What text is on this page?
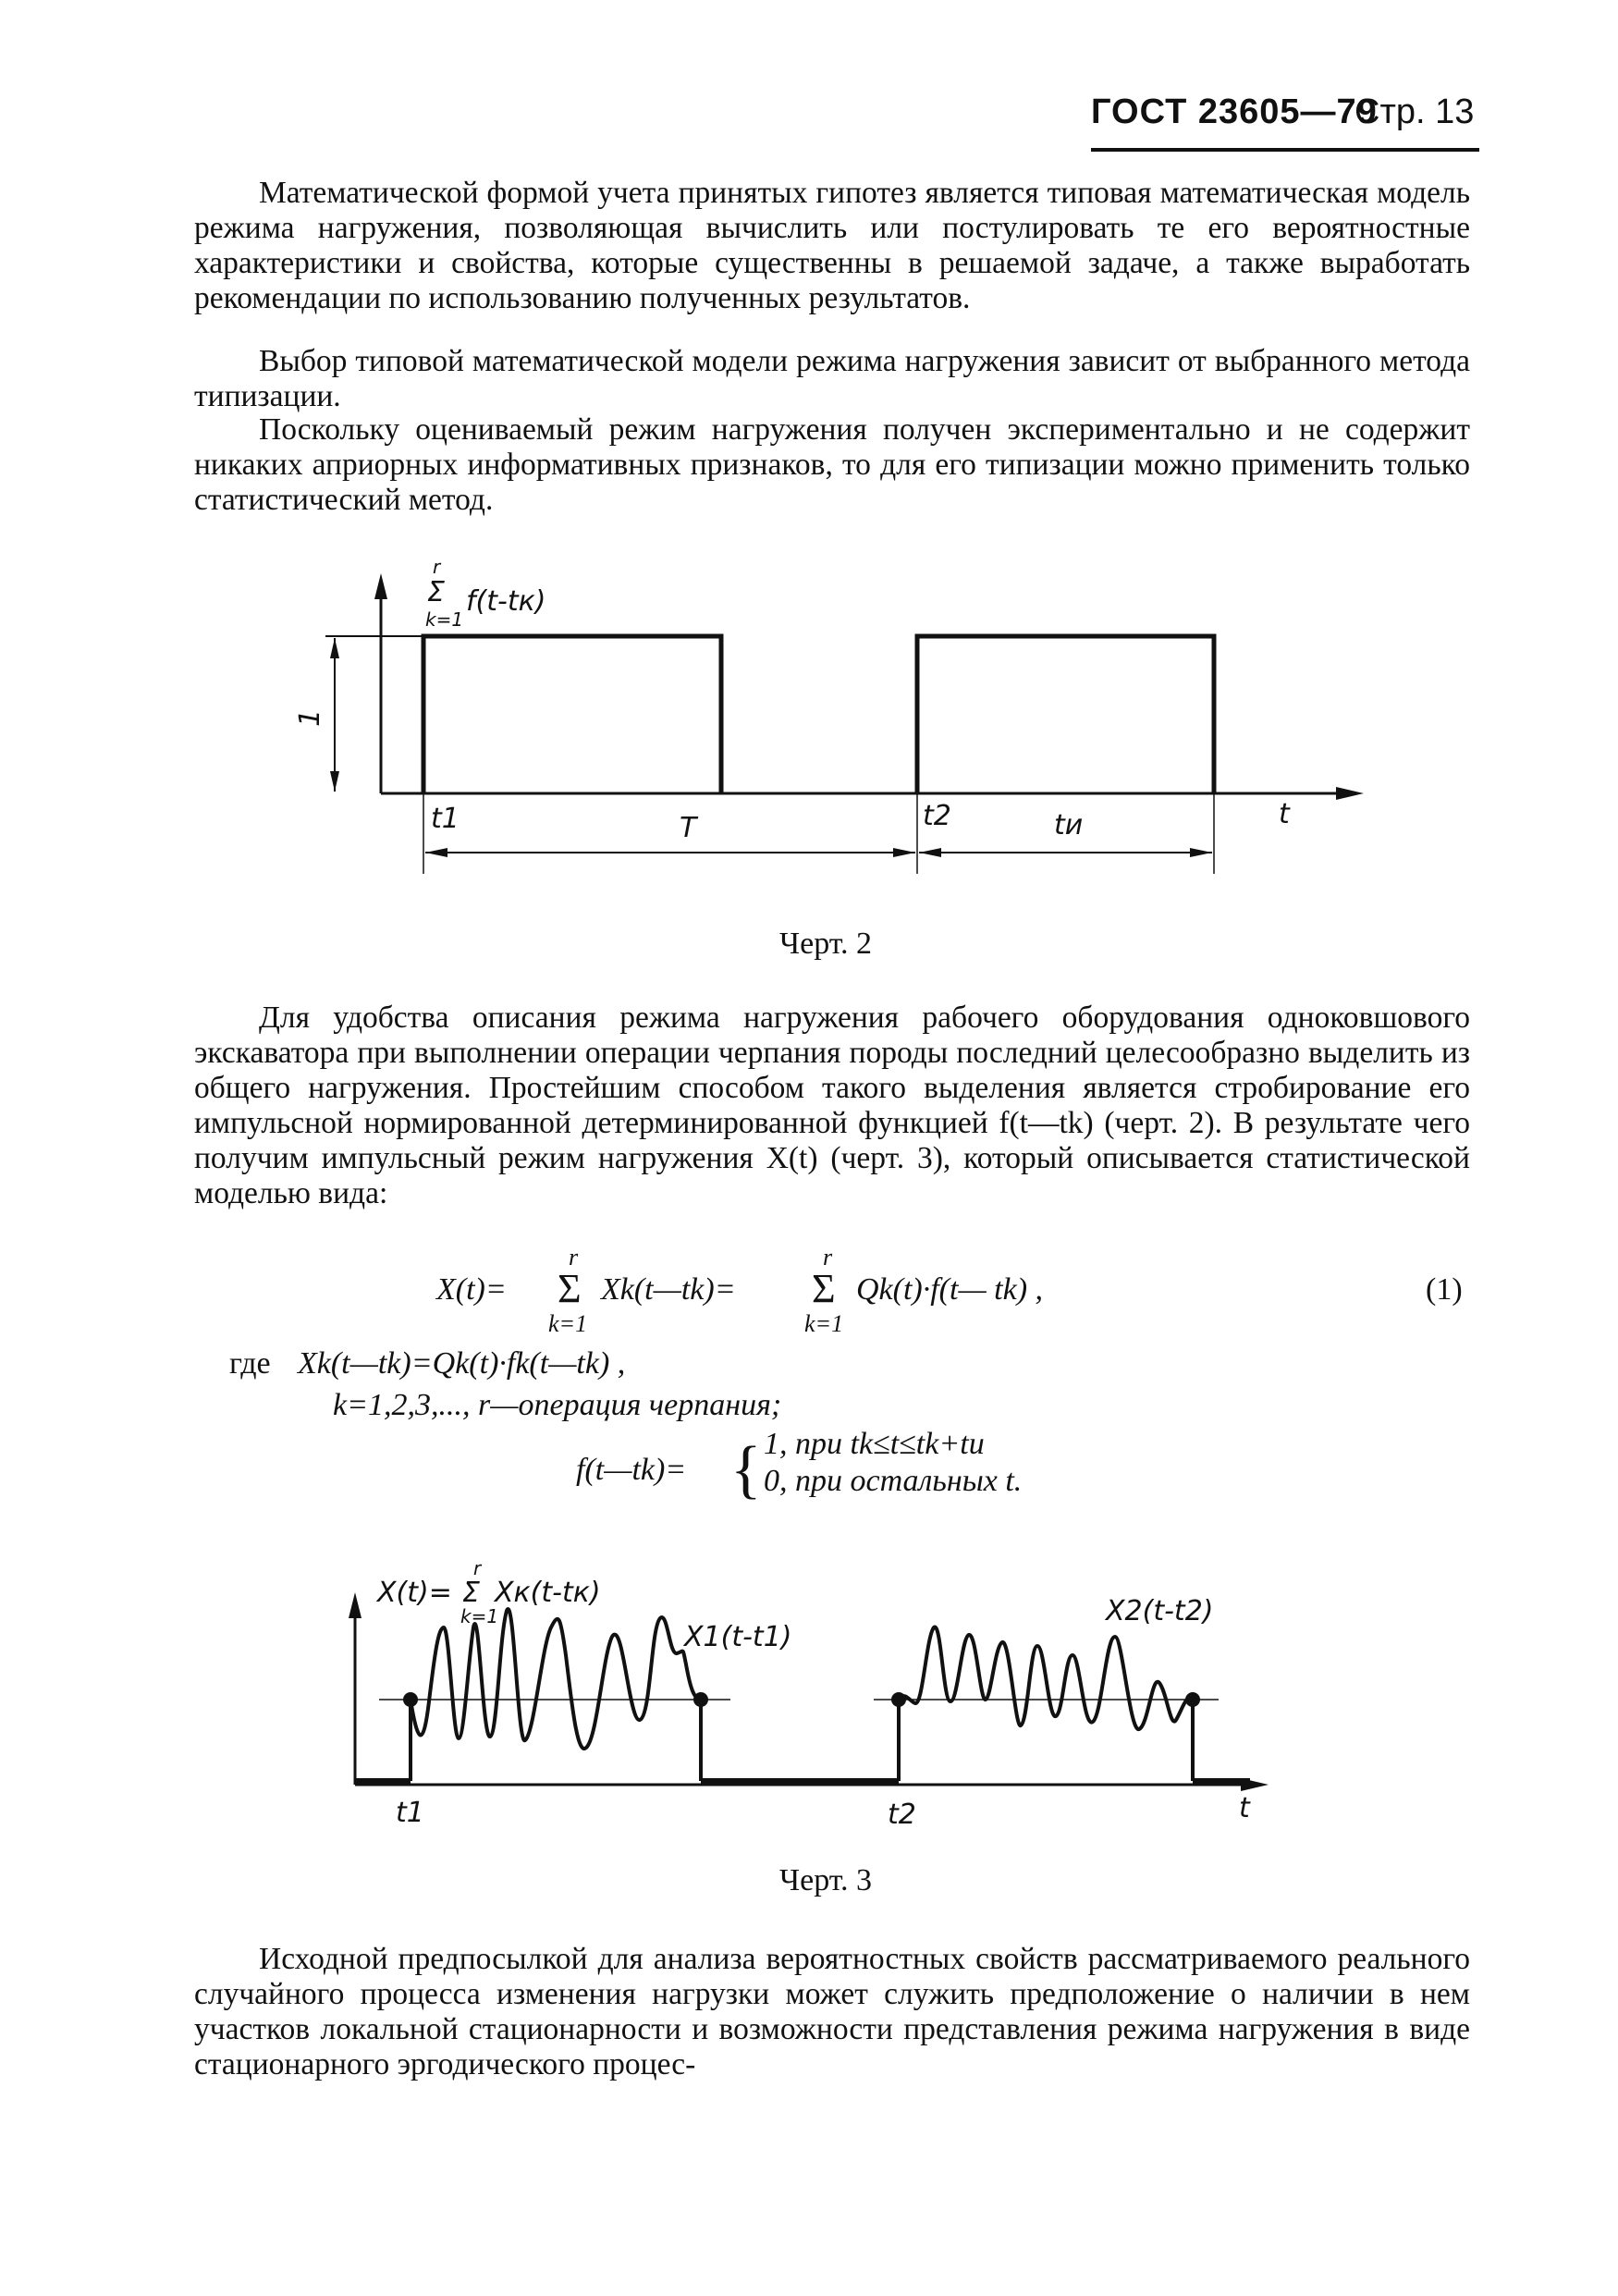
ГОСТ 23605—79
Стр. 13

Математической формой учета принятых гипотез является типовая математическая модель режима нагружения, позволяющая вычислить или постулировать те его вероятностные характеристики и свойства, которые существенны в решаемой задаче, а также выработать рекомендации по использованию полученных результатов.

Выбор типовой математической модели режима нагружения зависит от выбранного метода типизации.

Поскольку оцениваемый режим нагружения получен экспериментально и не содержит никаких априорных информативных признаков, то для его типизации можно применить только статистический метод.

1
r
Σ
k=1
f(t-tк)
t1	T	t2	tи	t
Черт. 2

Для удобства описания режима нагружения рабочего оборудования одноковшового экскаватора при выполнении операции черпания породы последний целесообразно выделить из общего нагружения. Простейшим способом такого выделения является стробирование его импульсной нормированной детерминированной функцией f(t—tk) (черт. 2). В результате чего получим импульсный режим нагружения X(t) (черт. 3), который описывается статистической моделью вида:

X(t)=
r
Σ
k=1
Xk(t—tk)=
r
Σ
k=1
Qk(t)·f(t— tk) ,	(1)
где Xk(t—tk)=Qk(t)·fk(t—tk) ,
k=1,2,3,..., r—операция черпания;
f(t—tk)= { 1, при tk≤t≤tk+tи
0, при остальных t.
X(t)=
r
Σ
k=1
Xк(t-tк)
X1(t-t1)
X2(t-t2)
t1	t2	t
Черт. 3

Исходной предпосылкой для анализа вероятностных свойств рассматриваемого реального случайного процесса изменения нагрузки может служить предположение о наличии в нем участков локальной стационарности и возможности представления режима нагружения в виде стационарного эргодического процес-
